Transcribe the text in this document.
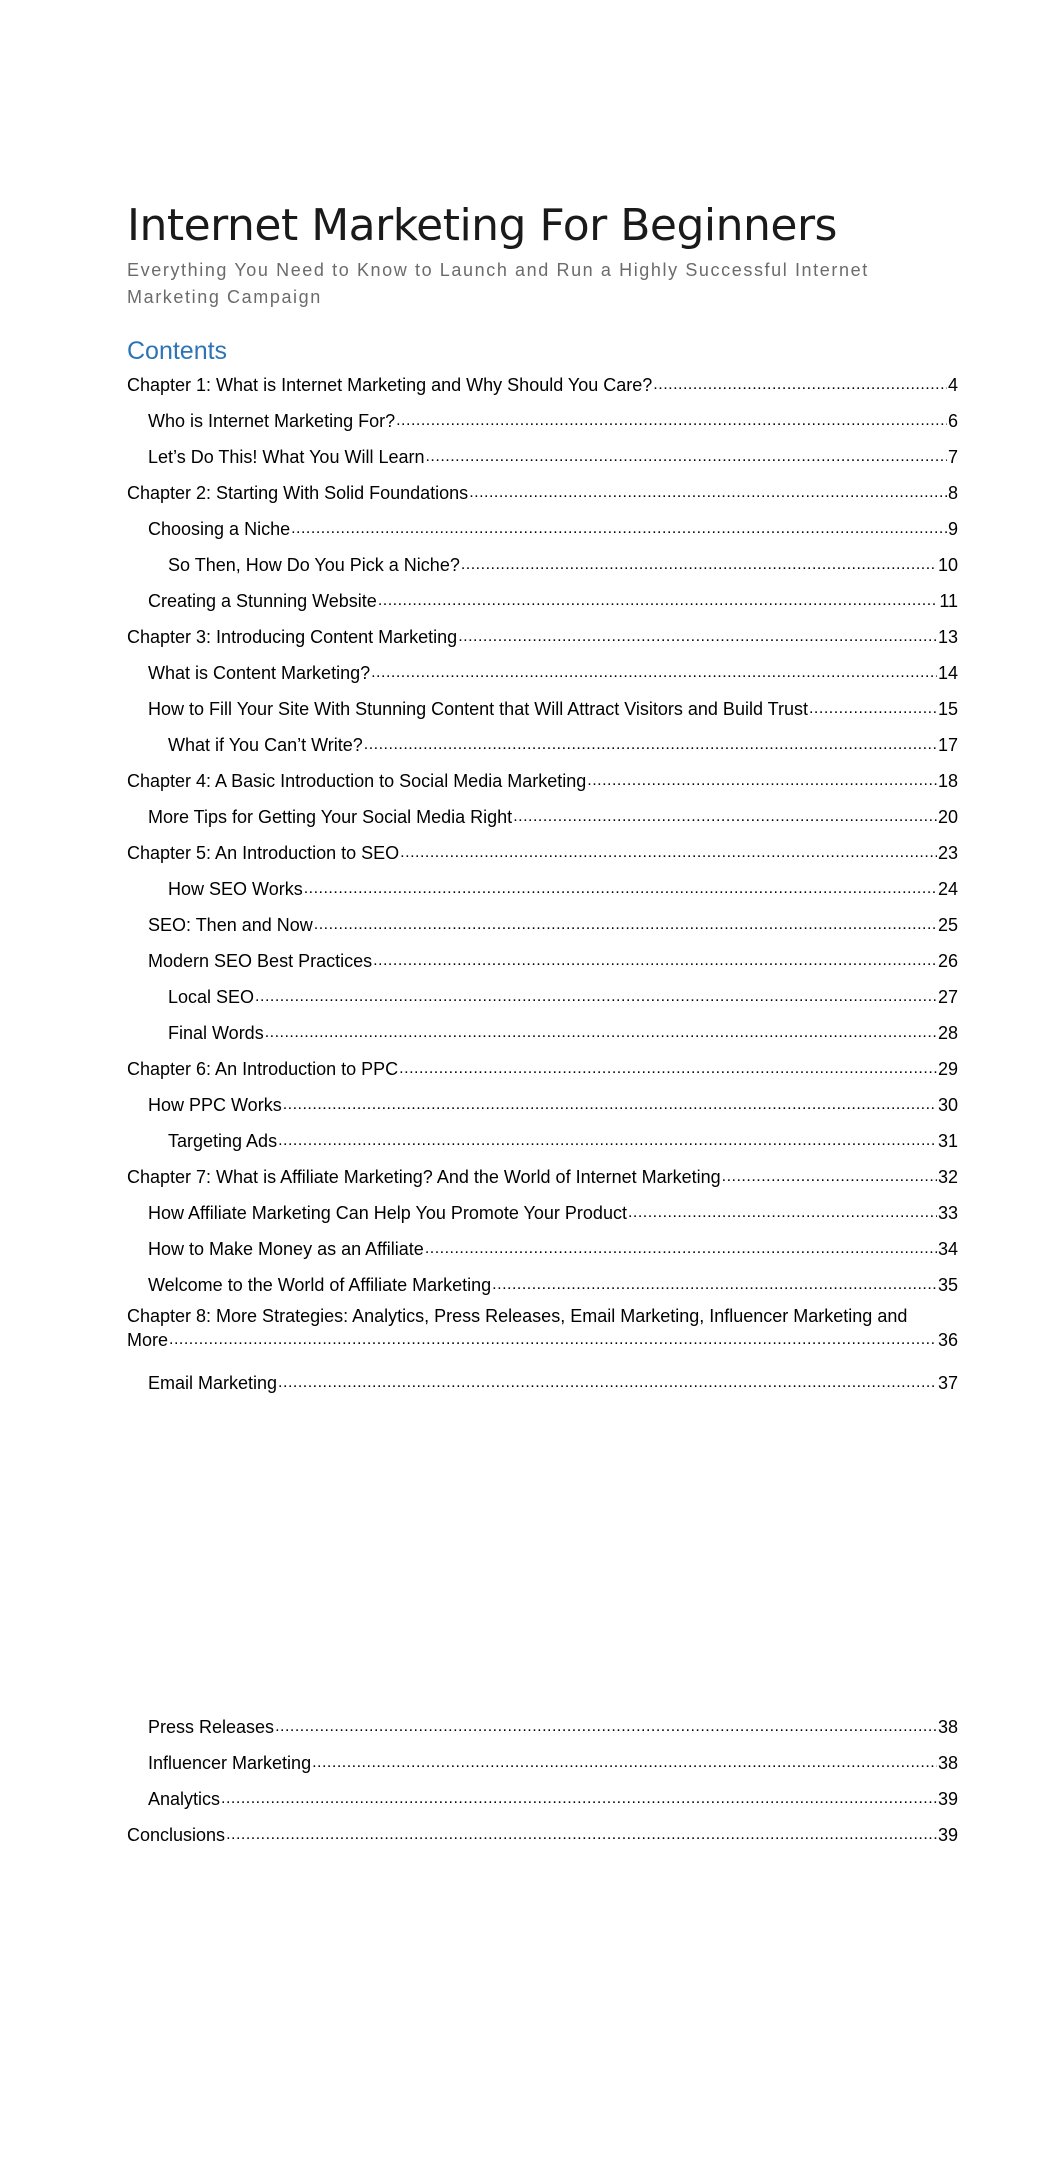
Internet Marketing For Beginners

Everything You Need to Know to Launch and Run a Highly Successful Internet Marketing Campaign

Contents
Chapter 1: What is Internet Marketing and Why Should You Care? .....	4
Who is Internet Marketing For? .....	6
Let’s Do This! What You Will Learn .....	7
Chapter 2: Starting With Solid Foundations .....	8
Choosing a Niche .....	9
So Then, How Do You Pick a Niche? .....	10
Creating a Stunning Website .....	11
Chapter 3: Introducing Content Marketing .....	13
What is Content Marketing? .....	14
How to Fill Your Site With Stunning Content that Will Attract Visitors and Build Trust .....	15
What if You Can’t Write? .....	17
Chapter 4: A Basic Introduction to Social Media Marketing .....	18
More Tips for Getting Your Social Media Right .....	20
Chapter 5: An Introduction to SEO .....	23
How SEO Works .....	24
SEO: Then and Now .....	25
Modern SEO Best Practices .....	26
Local SEO .....	27
Final Words .....	28
Chapter 6: An Introduction to PPC .....	29
How PPC Works .....	30
Targeting Ads .....	31
Chapter 7: What is Affiliate Marketing? And the World of Internet Marketing .....	32
How Affiliate Marketing Can Help You Promote Your Product .....	33
How to Make Money as an Affiliate .....	34
Welcome to the World of Affiliate Marketing .....	35
Chapter 8: More Strategies: Analytics, Press Releases, Email Marketing, Influencer Marketing and
More .....	36
Email Marketing .....	37
Press Releases .....	38
Influencer Marketing .....	38
Analytics .....	39
Conclusions .....	39
